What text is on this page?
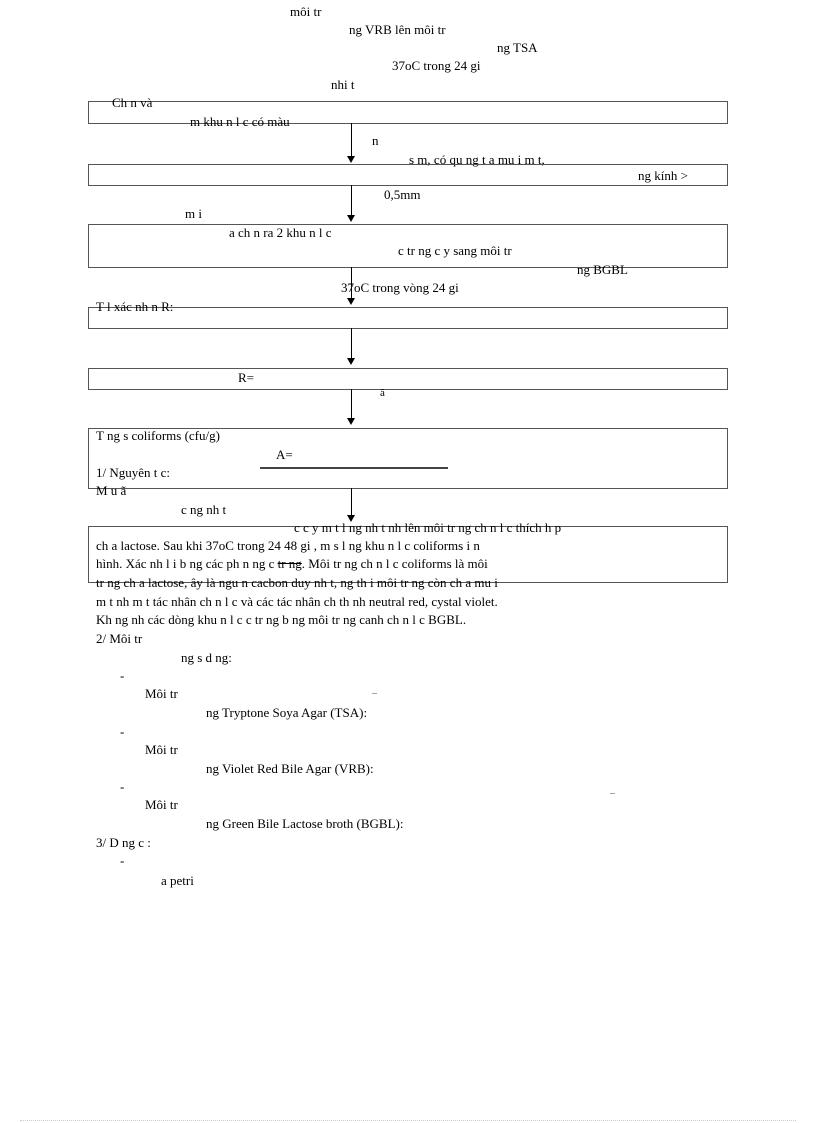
môi tr
ng VRB lên môi tr
ng TSA
37oC trong 24 gi
nhi t
Ch n và
m khu n l c có màu
n
s m, có qu ng t a mu i m t,
ng kính >
0,5mm
m i
a ch n ra 2 khu n l c
c tr ng c y sang môi tr
ng BGBL
37oC trong vòng 24 gi
T l xác nh n R:
R=
ã
T ng s coliforms (cfu/g)
A=
1/ Nguyên t c:
M u ã
c ng nh t
c c y m t l ng nh t nh lên môi tr ng ch n l c thích h p
ch a lactose. Sau khi 37oC trong 24 48 gi , m s l ng khu n l c coliforms i n
hình. Xác nh l i b ng các ph n ng c tr ng. Môi tr ng ch n l c coliforms là môi
tr ng ch a lactose, ây là ngu n cacbon duy nh t, ng th i môi tr ng còn ch a mu i
m t nh m t tác nhân ch n l c và các tác nhân ch th nh neutral red, cystal violet.
Kh ng nh các dòng khu n l c c tr ng b ng môi tr ng canh ch n l c BGBL.
2/ Môi tr
ng s d ng:
-
Môi tr	–
ng Tryptone Soya Agar (TSA):
-
Môi tr
ng Violet Red Bile Agar (VRB):
-
Môi tr
–
ng Green Bile Lactose broth (BGBL):
3/ D ng c :
-
a petri
